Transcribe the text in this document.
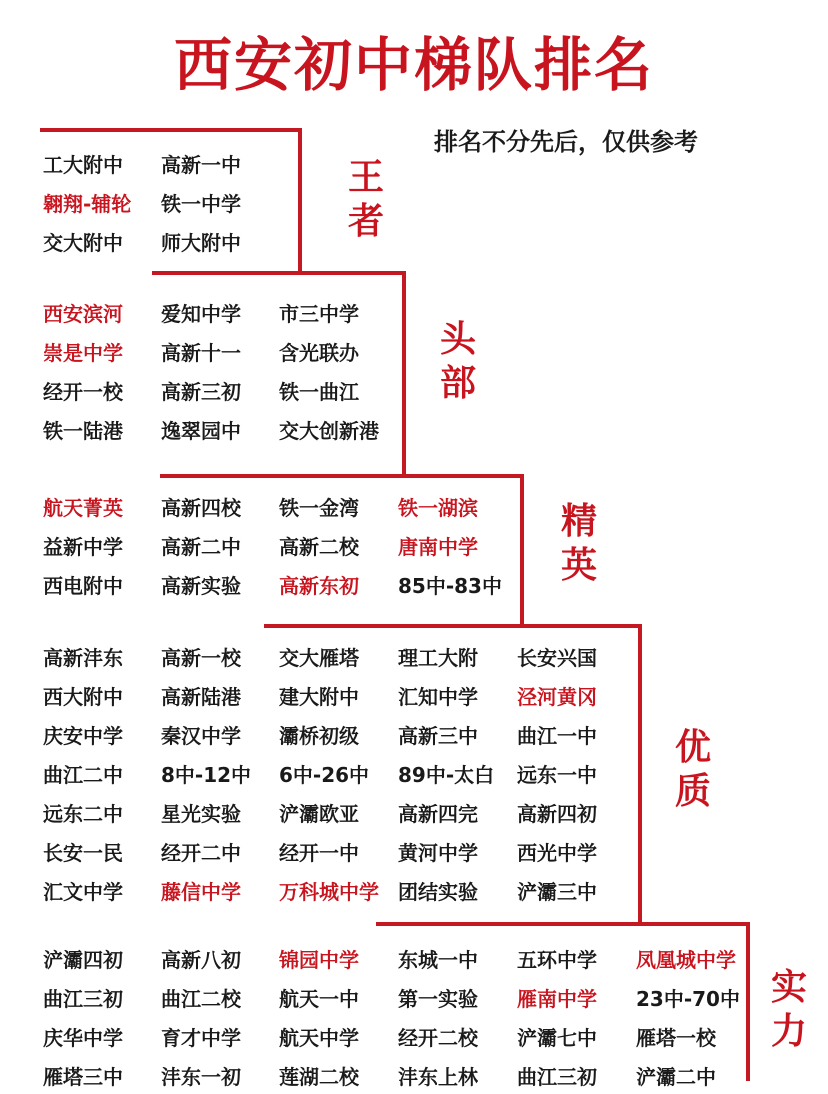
西安初中梯队排名
排名不分先后，仅供参考
王
者
工大附中 高新一中
翱翔-辅轮 铁一中学
交大附中 师大附中
头
部
西安滨河 爱知中学 市三中学
崇是中学 高新十一 含光联办
经开一校 高新三初 铁一曲江
铁一陆港 逸翠园中 交大创新港
精
英
航天菁英 高新四校 铁一金湾 铁一湖滨
益新中学 高新二中 高新二校 唐南中学
西电附中 高新实验 高新东初 85中-83中
优
质
高新沣东 高新一校 交大雁塔 理工大附 长安兴国
西大附中 高新陆港 建大附中 汇知中学 泾河黄冈
庆安中学 秦汉中学 灞桥初级 高新三中 曲江一中
曲江二中 8中-12中 6中-26中 89中-太白 远东一中
远东二中 星光实验 浐灞欧亚 高新四完 高新四初
长安一民 经开二中 经开一中 黄河中学 西光中学
汇文中学 藤信中学 万科城中学 团结实验 浐灞三中
实
力
浐灞四初 高新八初 锦园中学 东城一中 五环中学 凤凰城中学
曲江三初 曲江二校 航天一中 第一实验 雁南中学 23中-70中
庆华中学 育才中学 航天中学 经开二校 浐灞七中 雁塔一校
雁塔三中 沣东一初 莲湖二校 沣东上林 曲江三初 浐灞二中
